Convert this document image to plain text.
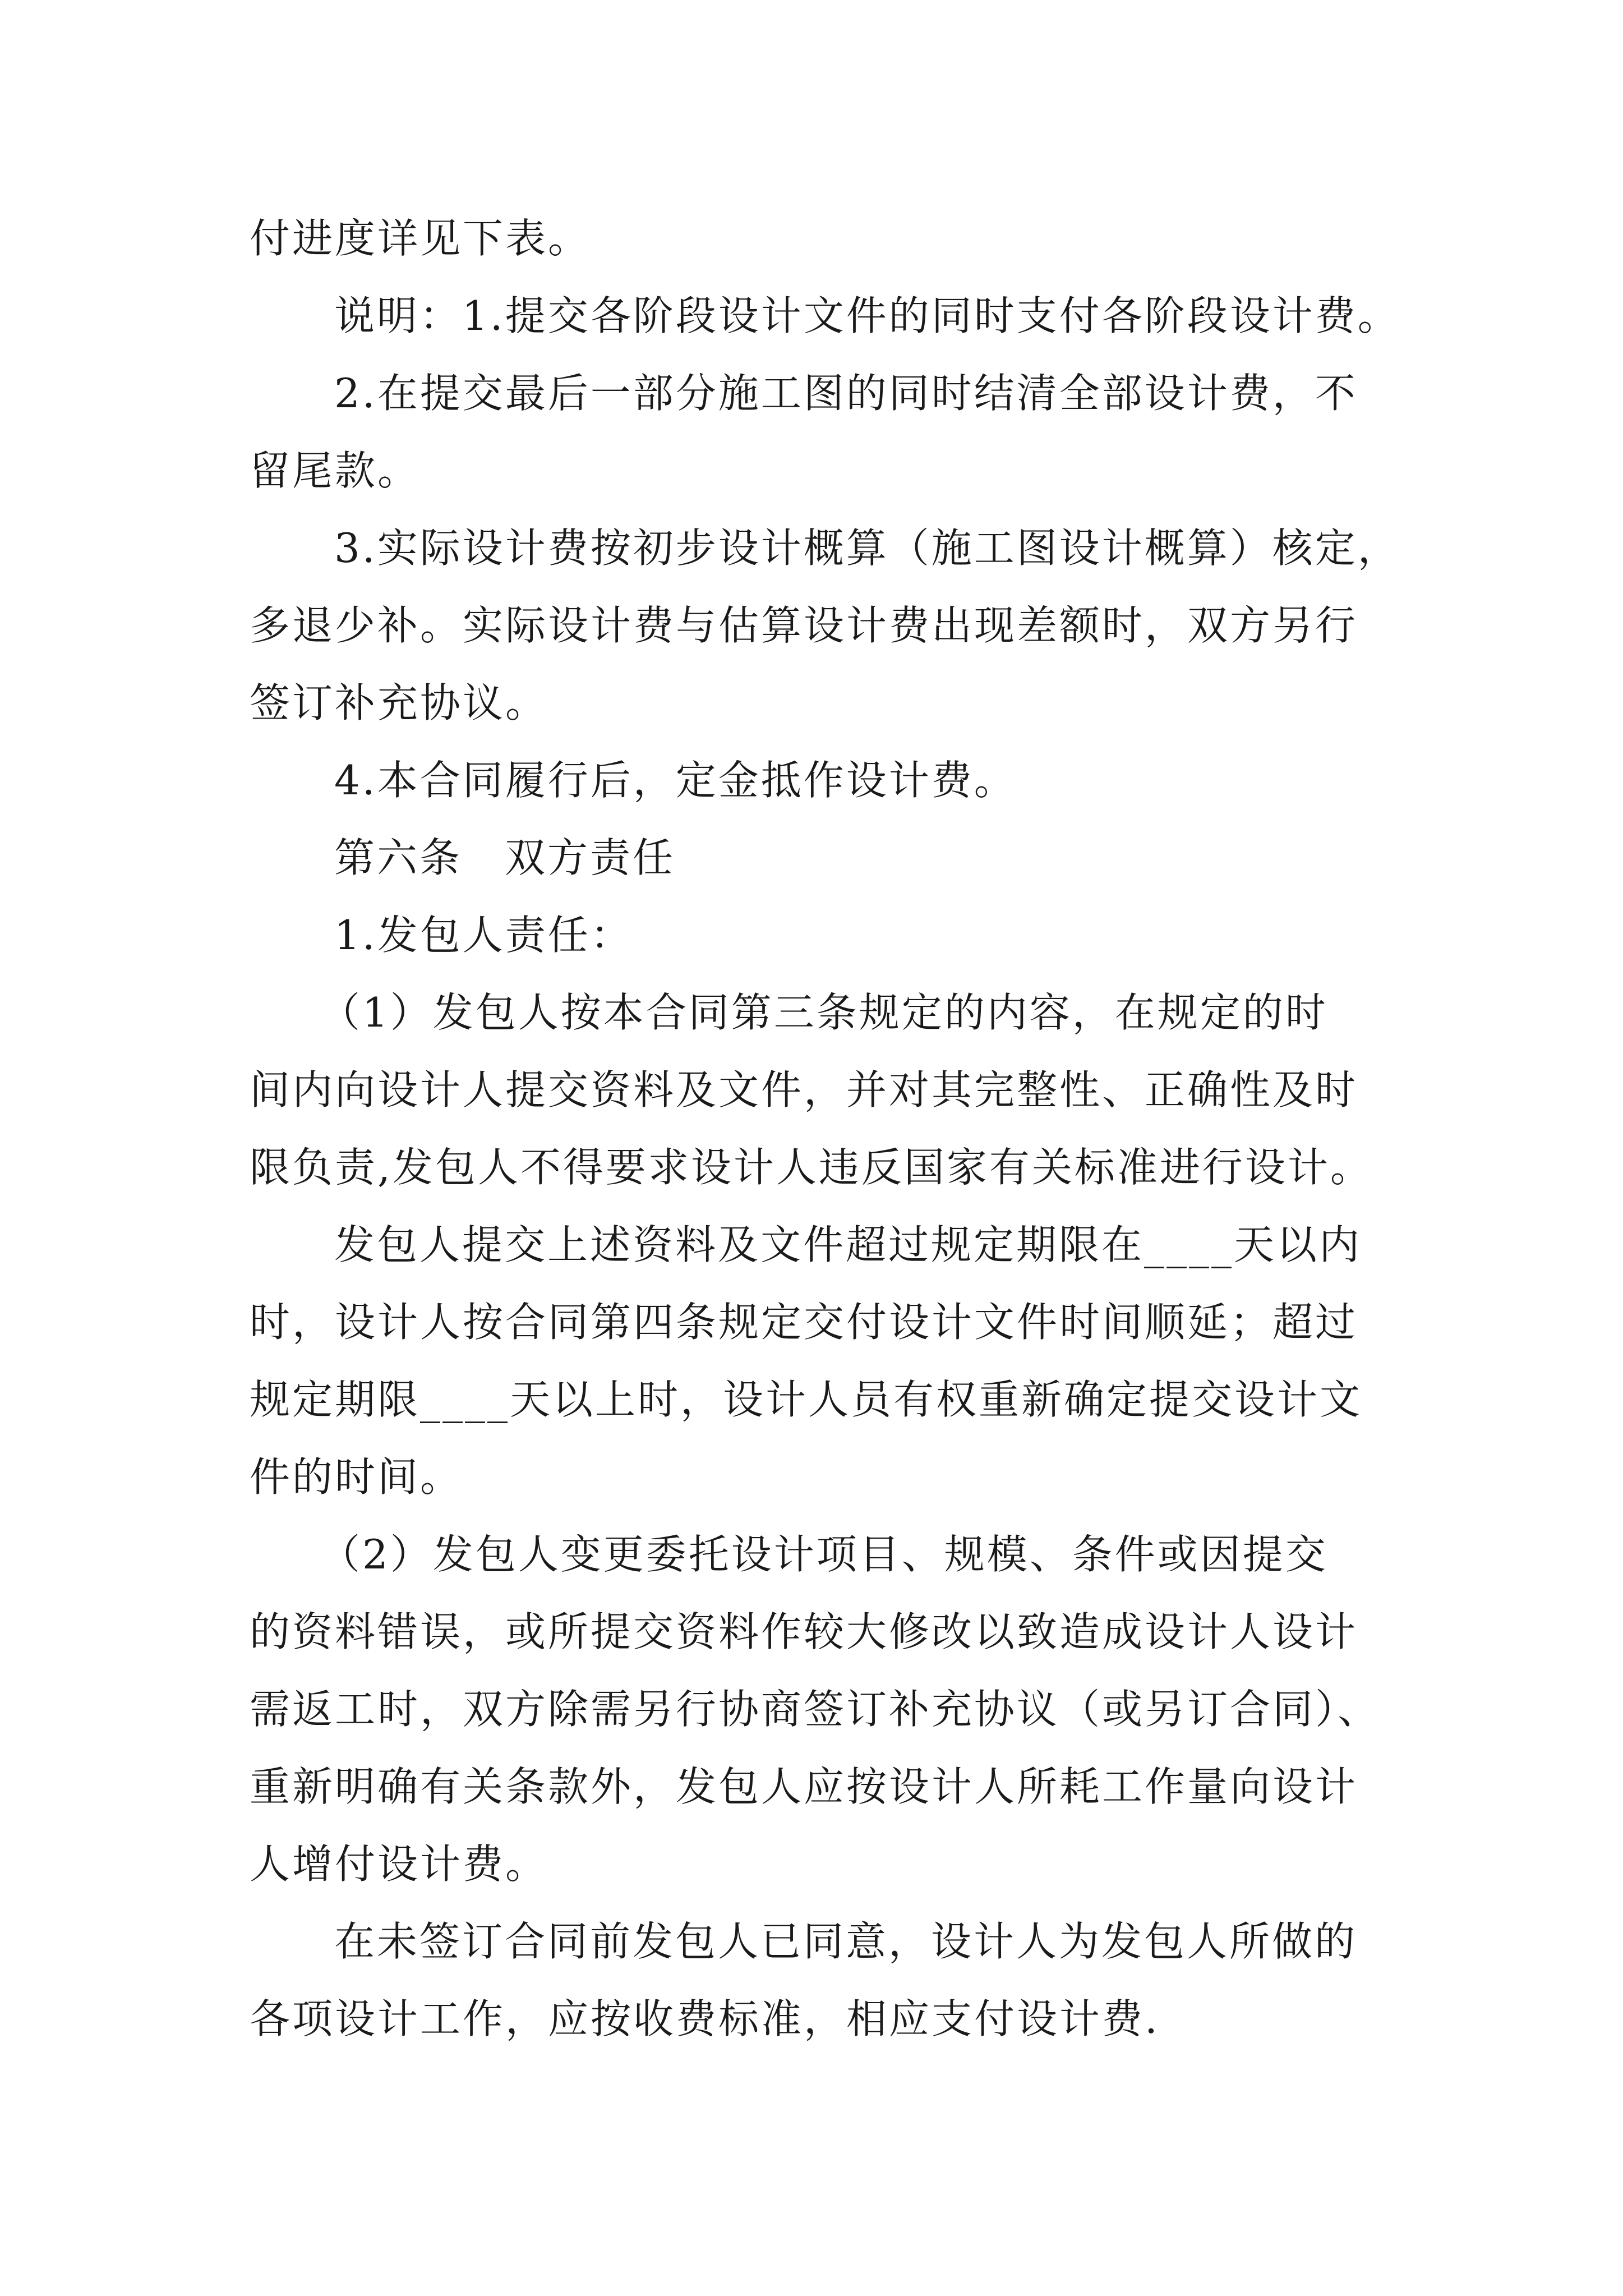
付进度详见下表。

说明：1.提交各阶段设计文件的同时支付各阶段设计费。

2.在提交最后一部分施工图的同时结清全部设计费，不

留尾款。

3.实际设计费按初步设计概算（施工图设计概算）核定，

多退少补。实际设计费与估算设计费出现差额时，双方另行

签订补充协议。

4.本合同履行后，定金抵作设计费。

第六条　双方责任

1.发包人责任：

（1）发包人按本合同第三条规定的内容，在规定的时

间内向设计人提交资料及文件，并对其完整性、正确性及时

限负责,发包人不得要求设计人违反国家有关标准进行设计。

发包人提交上述资料及文件超过规定期限在____天以内

时，设计人按合同第四条规定交付设计文件时间顺延；超过

规定期限____天以上时，设计人员有权重新确定提交设计文

件的时间。

（2）发包人变更委托设计项目、规模、条件或因提交

的资料错误，或所提交资料作较大修改以致造成设计人设计

需返工时，双方除需另行协商签订补充协议（或另订合同）、

重新明确有关条款外，发包人应按设计人所耗工作量向设计

人增付设计费。

在未签订合同前发包人已同意，设计人为发包人所做的

各项设计工作，应按收费标准，相应支付设计费.
